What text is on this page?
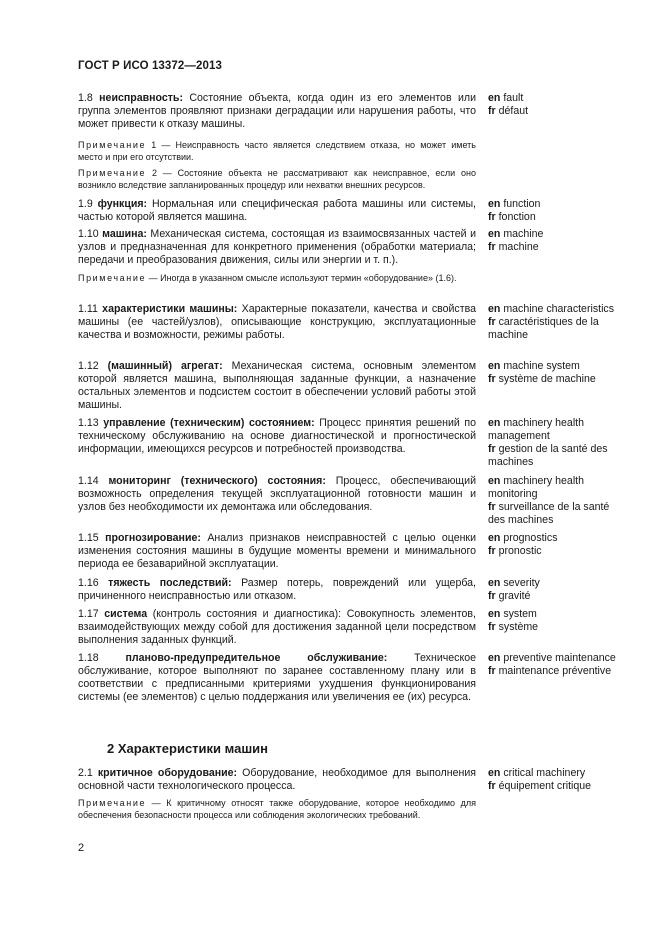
ГОСТ Р ИСО 13372—2013
1.8 неисправность: Состояние объекта, когда один из его элементов или группа элементов проявляют признаки деградации или нарушения работы, что может привести к отказу машины.
en fault
fr défaut
Примечание 1 — Неисправность часто является следствием отказа, но может иметь место и при его отсутствии.
Примечание 2 — Состояние объекта не рассматривают как неисправное, если оно возникло вследствие запланированных процедур или нехватки внешних ресурсов.
1.9 функция: Нормальная или специфическая работа машины или системы, частью которой является машина.
en function
fr fonction
1.10 машина: Механическая система, состоящая из взаимосвязанных частей и узлов и предназначенная для конкретного применения (обработки материала; передачи и преобразования движения, силы или энергии и т. п.).
en machine
fr machine
Примечание — Иногда в указанном смысле используют термин «оборудование» (1.6).
1.11 характеристики машины: Характерные показатели, качества и свойства машины (ее частей/узлов), описывающие конструкцию, эксплуатационные качества и возможности, режимы работы.
en machine characteristics
fr caractéristiques de la machine
1.12 (машинный) агрегат: Механическая система, основным элементом которой является машина, выполняющая заданные функции, а назначение остальных элементов и подсистем состоит в обеспечении условий работы этой машины.
en machine system
fr système de machine
1.13 управление (техническим) состоянием: Процесс принятия решений по техническому обслуживанию на основе диагностической и прогностической информации, имеющихся ресурсов и потребностей производства.
en machinery health management
fr gestion de la santé des machines
1.14 мониторинг (технического) состояния: Процесс, обеспечивающий возможность определения текущей эксплуатационной готовности машин и узлов без необходимости их демонтажа или обследования.
en machinery health monitoring
fr surveillance de la santé des machines
1.15 прогнозирование: Анализ признаков неисправностей с целью оценки изменения состояния машины в будущие моменты времени и минимального периода ее безаварийной эксплуатации.
en prognostics
fr pronostic
1.16 тяжесть последствий: Размер потерь, повреждений или ущерба, причиненного неисправностью или отказом.
en severity
fr gravité
1.17 система (контроль состояния и диагностика): Совокупность элементов, взаимодействующих между собой для достижения заданной цели посредством выполнения заданных функций.
en system
fr système
1.18	планово-предупредительное обслуживание: Техническое обслуживание, которое выполняют по заранее составленному плану или в соответствии с предписанными критериями ухудшения функционирования системы (ее элементов) с целью поддержания или увеличения ее (их) ресурса.
en preventive maintenance
fr maintenance préventive
2 Характеристики машин
2.1 критичное оборудование: Оборудование, необходимое для выполнения основной части технологического процесса.
en critical machinery
fr équipement critique
Примечание — К критичному относят также оборудование, которое необходимо для обеспечения безопасности процесса или соблюдения экологических требований.
2
